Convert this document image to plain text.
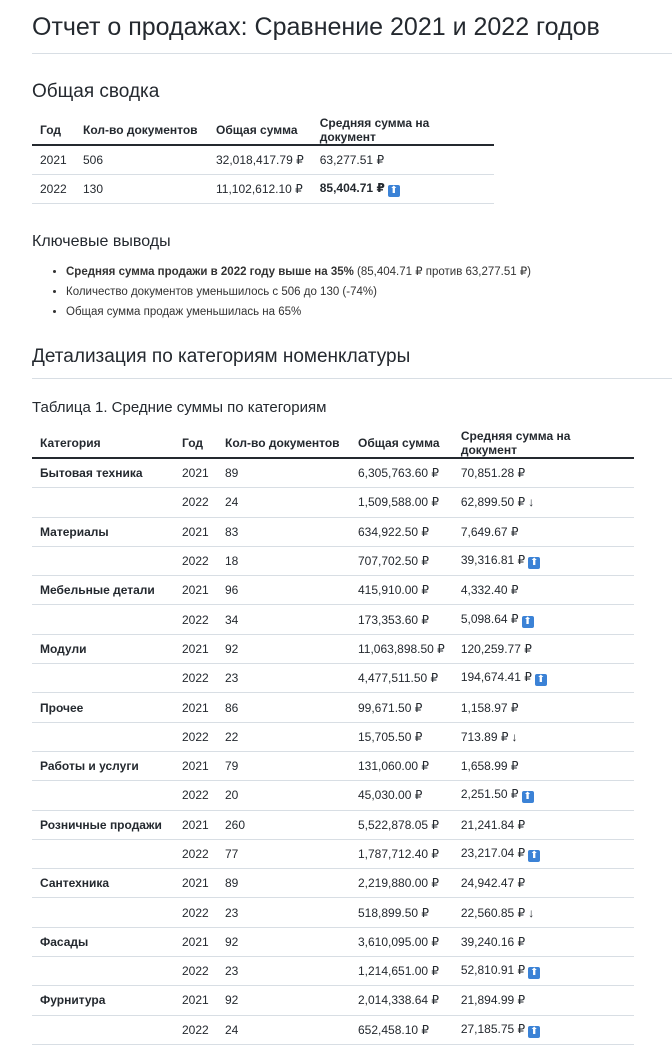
Отчет о продажах: Сравнение 2021 и 2022 годов
Общая сводка
Год	Кол-во документов	Общая сумма	Средняя сумма на документ
2021	506	32,018,417.79 ₽	63,277.51 ₽
2022	130	11,102,612.10 ₽	85,404.71 ₽ ⬆
Ключевые выводы
• Средняя сумма продажи в 2022 году выше на 35% (85,404.71 ₽ против 63,277.51 ₽)
• Количество документов уменьшилось с 506 до 130 (-74%)
• Общая сумма продаж уменьшилась на 65%
Детализация по категориям номенклатуры
Таблица 1. Средние суммы по категориям
Категория	Год	Кол-во документов	Общая сумма	Средняя сумма на документ
Бытовая техника	2021	89	6,305,763.60 ₽	70,851.28 ₽
	2022	24	1,509,588.00 ₽	62,899.50 ₽ ↓
Материалы	2021	83	634,922.50 ₽	7,649.67 ₽
	2022	18	707,702.50 ₽	39,316.81 ₽ ⬆
Мебельные детали	2021	96	415,910.00 ₽	4,332.40 ₽
	2022	34	173,353.60 ₽	5,098.64 ₽ ⬆
Модули	2021	92	11,063,898.50 ₽	120,259.77 ₽
	2022	23	4,477,511.50 ₽	194,674.41 ₽ ⬆
Прочее	2021	86	99,671.50 ₽	1,158.97 ₽
	2022	22	15,705.50 ₽	713.89 ₽ ↓
Работы и услуги	2021	79	131,060.00 ₽	1,658.99 ₽
	2022	20	45,030.00 ₽	2,251.50 ₽ ⬆
Розничные продажи	2021	260	5,522,878.05 ₽	21,241.84 ₽
	2022	77	1,787,712.40 ₽	23,217.04 ₽ ⬆
Сантехника	2021	89	2,219,880.00 ₽	24,942.47 ₽
	2022	23	518,899.50 ₽	22,560.85 ₽ ↓
Фасады	2021	92	3,610,095.00 ₽	39,240.16 ₽
	2022	23	1,214,651.00 ₽	52,810.91 ₽ ⬆
Фурнитура	2021	92	2,014,338.64 ₽	21,894.99 ₽
	2022	24	652,458.10 ₽	27,185.75 ₽ ⬆
